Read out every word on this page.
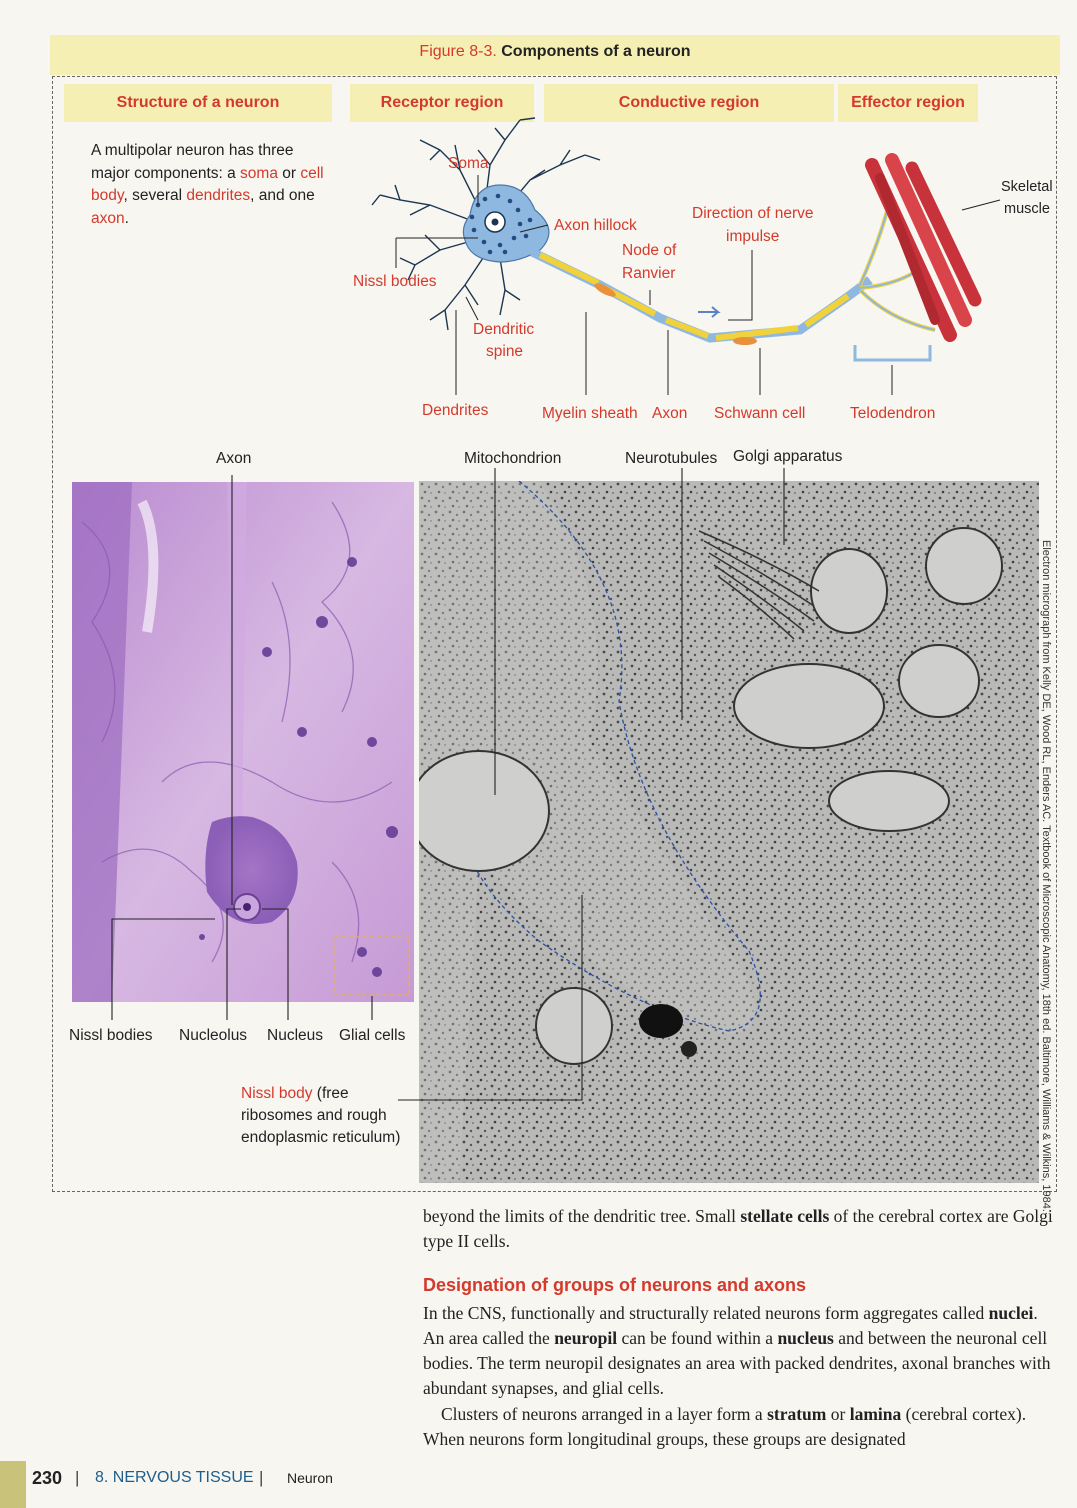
Figure 8-3. Components of a neuron
Structure of a neuron	Receptor region	Conductive region	Effector region
A multipolar neuron has three major components: a soma or cell body, several dendrites, and one axon.
Soma
Axon hillock
Nissl bodies
Dendritic
spine
Direction of nerve
impulse
Node of
Ranvier
Skeletal
muscle
Dendrites	Myelin sheath Axon Schwann cell	Telodendron
Axon	Mitochondrion	Neurotubules Golgi apparatus
Nissl bodies Nucleolus Nucleus Glial cells
Nissl body (free
ribosomes and rough
endoplasmic reticulum)	Electron micrograph from Kelly DE, Wood RL, Enders AC. Textbook of Microscopic Anatomy, 18th ed. Baltimore, Williams & Wilkins, 1984.
beyond the limits of the dendritic tree. Small stellate cells of the cerebral cortex are Golgi type II cells.
Designation of groups of neurons and axons
In the CNS, functionally and structurally related neurons form aggregates called nuclei. An area called the neuropil can be found within a nucleus and between the neuronal cell bodies. The term neuropil designates an area with packed dendrites, axonal branches with abundant synapses, and glial cells.
Clusters of neurons arranged in a layer form a stratum or lamina (cerebral cortex). When neurons form longitudinal groups, these groups are designated
230 | 8. NERVOUS TISSUE | Neuron
